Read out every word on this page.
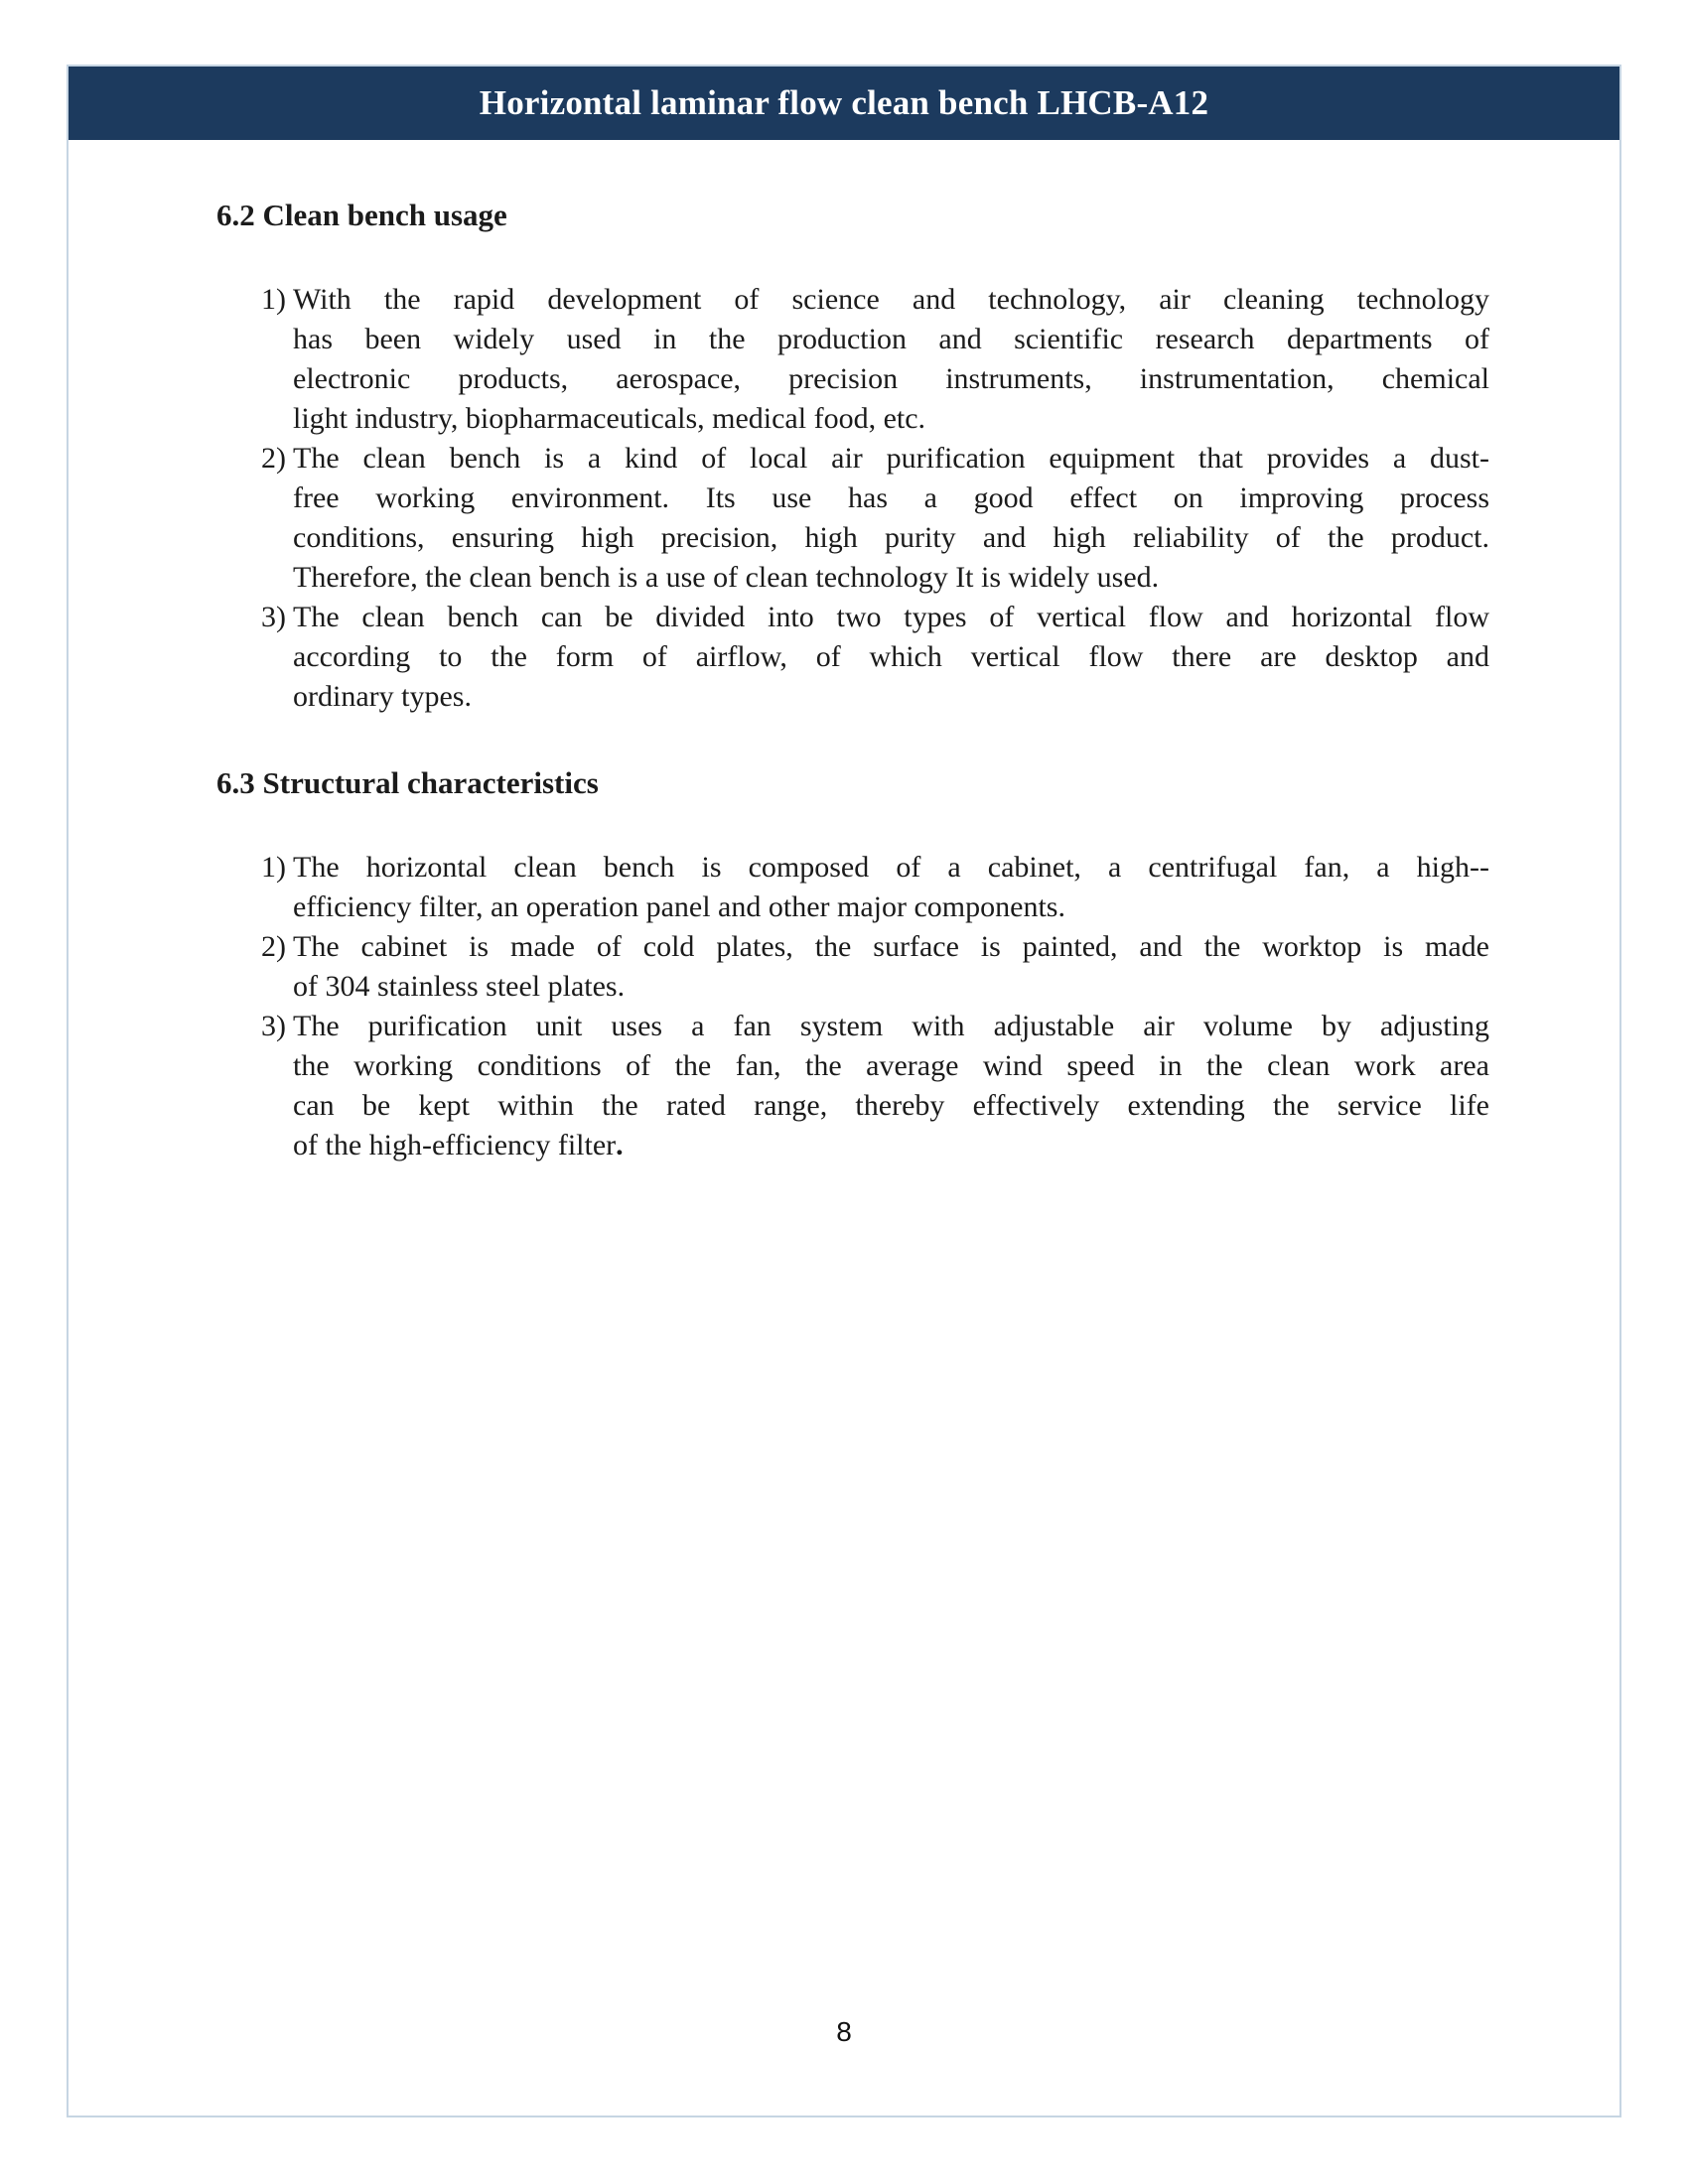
Horizontal laminar flow clean bench LHCB-A12
6.2 Clean bench usage
1) With the rapid development of science and technology, air cleaning technology
has been widely used in the production and scientific research departments of
electronic products, aerospace, precision instruments, instrumentation, chemical
light industry, biopharmaceuticals, medical food, etc.
2) The clean bench is a kind of local air purification equipment that provides a dust-
free working environment. Its use has a good effect on improving process
conditions, ensuring high precision, high purity and high reliability of the product.
Therefore, the clean bench is a use of clean technology It is widely used.
3) The clean bench can be divided into two types of vertical flow and horizontal flow
according to the form of airflow, of which vertical flow there are desktop and
ordinary types.
6.3 Structural characteristics
1) The horizontal clean bench is composed of a cabinet, a centrifugal fan, a high--
efficiency filter, an operation panel and other major components.
2) The cabinet is made of cold plates, the surface is painted, and the worktop is made
of 304 stainless steel plates.
3) The purification unit uses a fan system with adjustable air volume by adjusting
the working conditions of the fan, the average wind speed in the clean work area
can be kept within the rated range, thereby effectively extending the service life
of the high-efficiency filter.
8
